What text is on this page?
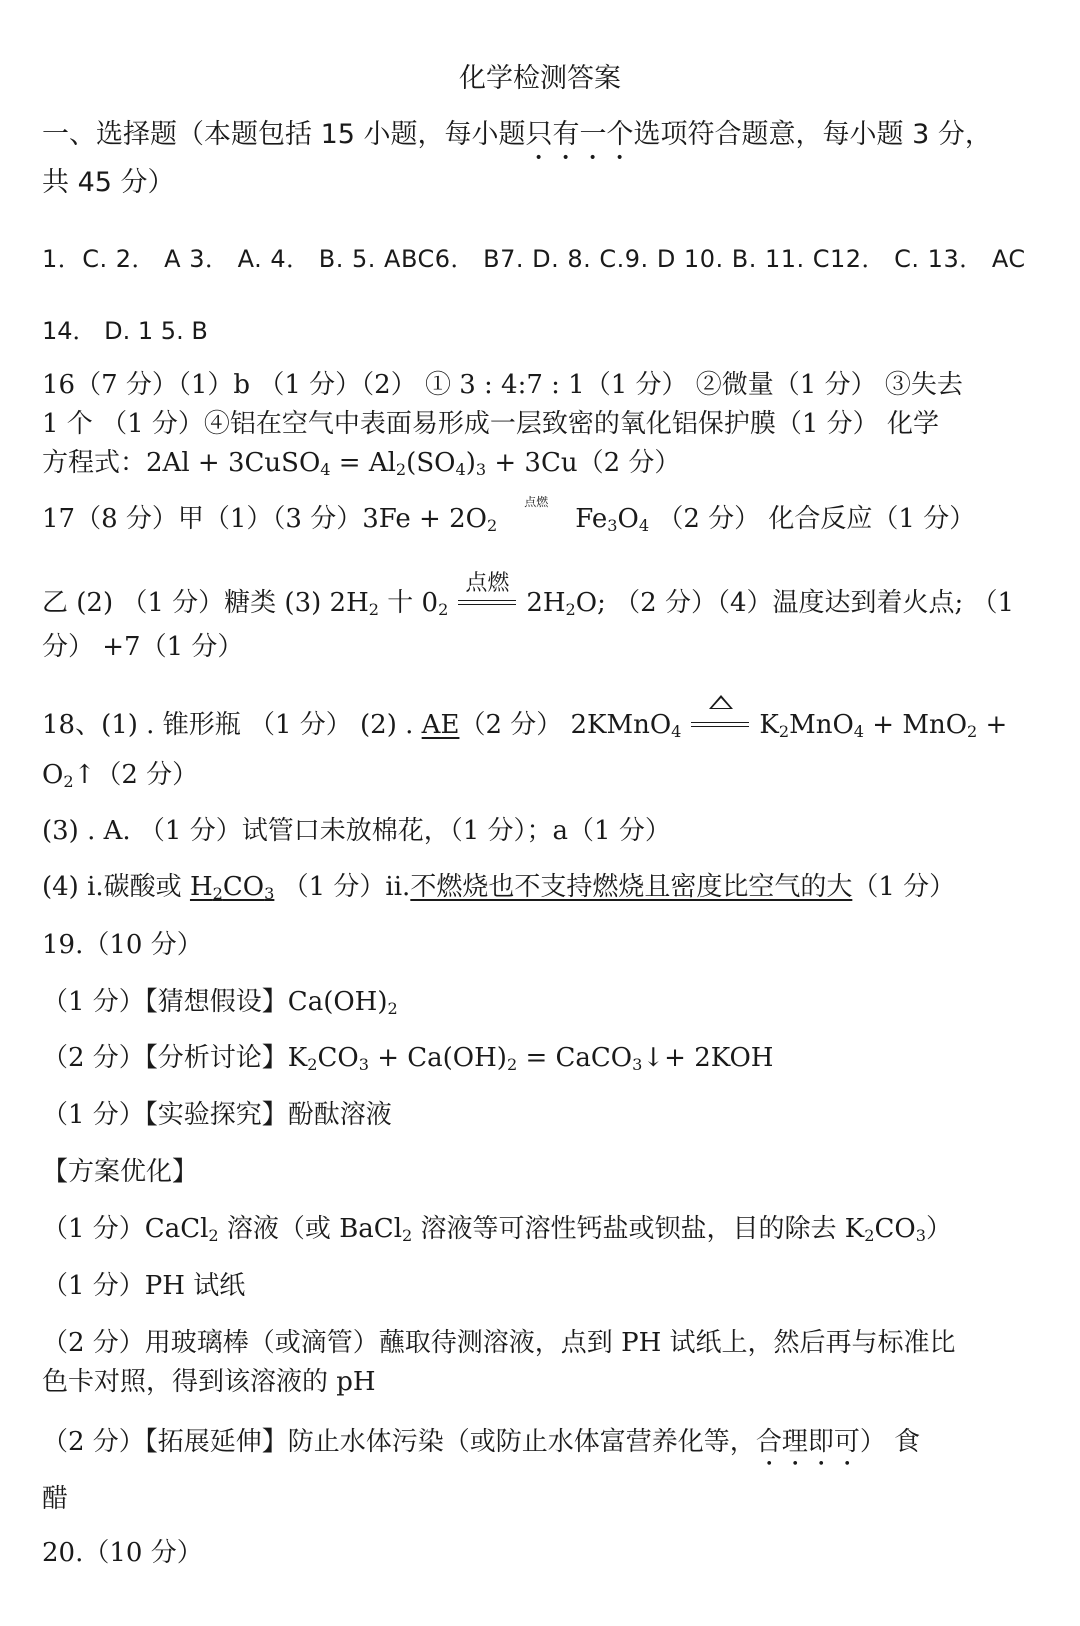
化学检测答案
一、选择题（本题包括 15 小题，每小题只有一个选项符合题意，每小题 3 分，
共 45 分）
1．C. 2． A 3． A. 4． B. 5. ABC6． B7. D. 8. C.9. D 10. B. 11. C12． C. 13． AC
14． D. 1 5. B
16（7 分）（1）b （1 分）（2） ① 3 : 4:7 : 1（1 分） ②微量（1 分） ③失去
1 个 （1 分）④铝在空气中表面易形成一层致密的氧化铝保护膜（1 分） 化学
方程式：2Al + 3CuSO$_4$ = $Al_2(SO_4)_3 + 3Cu(2$ 分）
17（8 分）甲（1）（3 分）$3Fe + 2O_2$
点燃
$Fe_3O_4$ （2 分） 化合反应（1 分）
乙 (2) （1 分）糖类 (3) $2H_2$ 十 $0_2$
点燃
$2H_2O$; （2 分）（4）温度达到着火点; （1
分） +7（1 分）
18、(1) . 锥形瓶 （1 分） (2) . AE（2 分） 2KMnO$_4$	$K_2MnO_4 + MnO_2$ +
$O_2↑(2$ 分）
(3) . A. （1 分）试管口未放棉花，（1 分）；a（1 分）
(4) i.碳酸或 $H_2CO_3$ （1 分）ii.不燃烧也不支持燃烧且密度比空气的大（1 分）
19.（10 分）
（1 分）【猜想假设】$Ca(OH)_2$
（2 分）【分析讨论】$K_2CO_3 + Ca(OH)_2$ = CaCO$_3$↓+ 2KOH
（1 分）【实验探究】酚酞溶液
【方案优化】
（1 分）CaCl$_2$ 溶液（或 BaCl$_2$ 溶液等可溶性钙盐或钡盐，目的除去 $K_2CO_3$）
（1 分）PH 试纸
（2 分）用玻璃棒（或滴管）蘸取待测溶液，点到 PH 试纸上，然后再与标准比
色卡对照，得到该溶液的 pH
（2 分）【拓展延伸】防止水体污染（或防止水体富营养化等，合理即可） 食
醋
20.（10 分）
